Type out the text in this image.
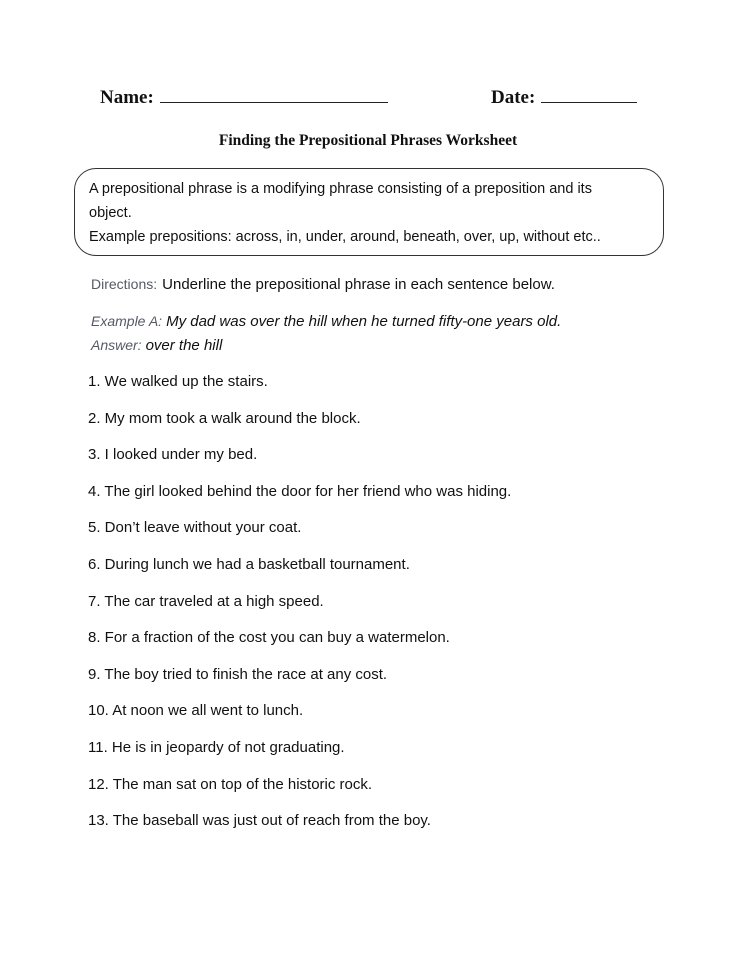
Name:	Date:
Finding the Prepositional Phrases Worksheet
A prepositional phrase is a modifying phrase consisting of a preposition and its
object.
Example prepositions: across, in, under, around, beneath, over, up, without etc..
Directions: Underline the prepositional phrase in each sentence below.
Example A: My dad was over the hill when he turned fifty-one years old.
Answer: over the hill
1. We walked up the stairs.
2. My mom took a walk around the block.
3. I looked under my bed.
4. The girl looked behind the door for her friend who was hiding.
5. Don’t leave without your coat.
6. During lunch we had a basketball tournament.
7. The car traveled at a high speed.
8. For a fraction of the cost you can buy a watermelon.
9. The boy tried to finish the race at any cost.
10. At noon we all went to lunch.
11. He is in jeopardy of not graduating.
12. The man sat on top of the historic rock.
13. The baseball was just out of reach from the boy.
